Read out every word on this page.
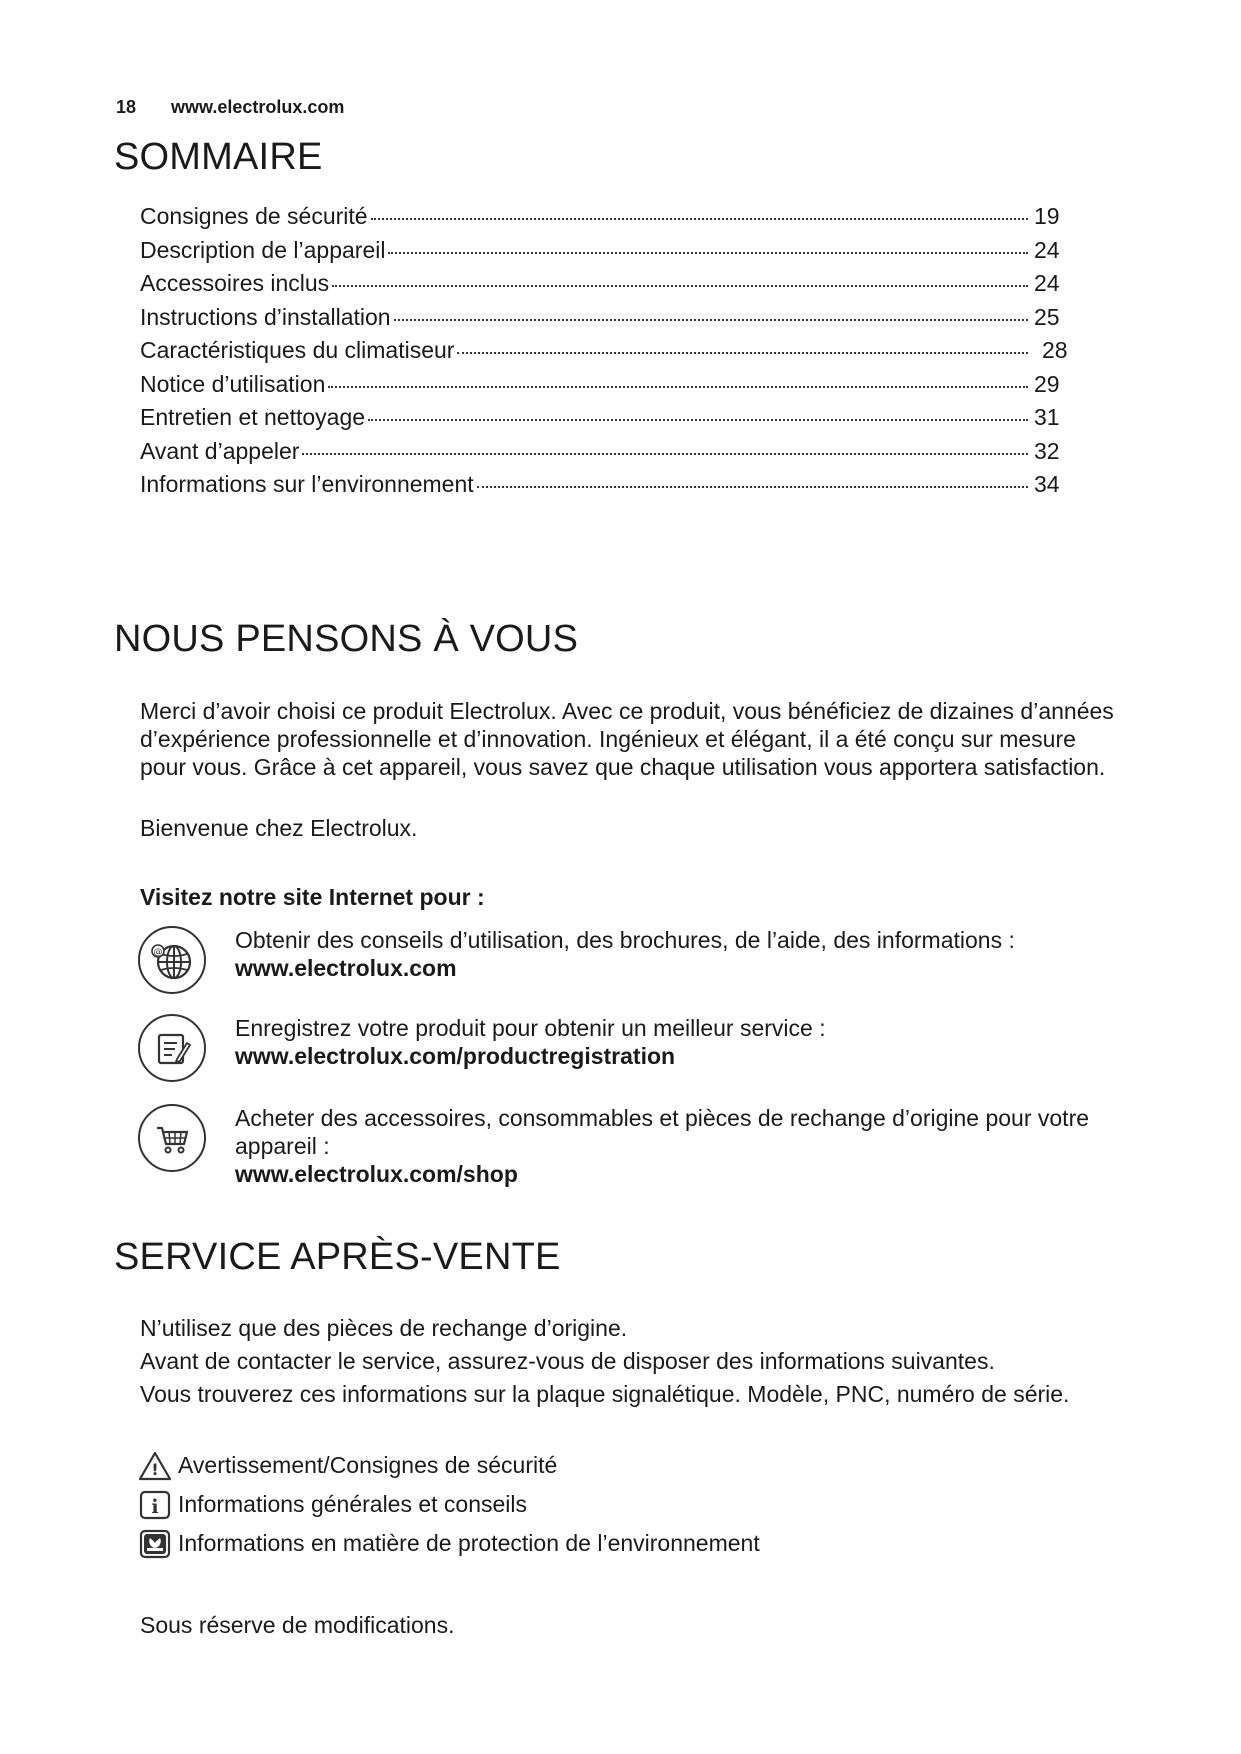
18 www.electrolux.com
SOMMAIRE
Consignes de sécurité	19
Description de l’appareil	24
Accessoires inclus	24
Instructions d’installation	25
Caractéristiques du climatiseur	28
Notice d’utilisation	29
Entretien et nettoyage	31
Avant d’appeler	32
Informations sur l’environnement	34
NOUS PENSONS À VOUS

Merci d’avoir choisi ce produit Electrolux. Avec ce produit, vous bénéficiez de dizaines d’années d’expérience professionnelle et d’innovation. Ingénieux et élégant, il a été conçu sur mesure pour vous. Grâce à cet appareil, vous savez que chaque utilisation vous apportera satisfaction.

Bienvenue chez Electrolux.

Visitez notre site Internet pour :
@	Obtenir des conseils d’utilisation, des brochures, de l’aide, des informations :
www.electrolux.com
Enregistrez votre produit pour obtenir un meilleur service :
www.electrolux.com/productregistration
Acheter des accessoires, consommables et pièces de rechange d’origine pour votre appareil :
www.electrolux.com/shop
SERVICE APRÈS-VENTE

N’utilisez que des pièces de rechange d’origine.

Avant de contacter le service, assurez-vous de disposer des informations suivantes.

Vous trouverez ces informations sur la plaque signalétique. Modèle, PNC, numéro de série.

! Avertissement/Consignes de sécurité
i Informations générales et conseils
Informations en matière de protection de l’environnement
Sous réserve de modifications.
